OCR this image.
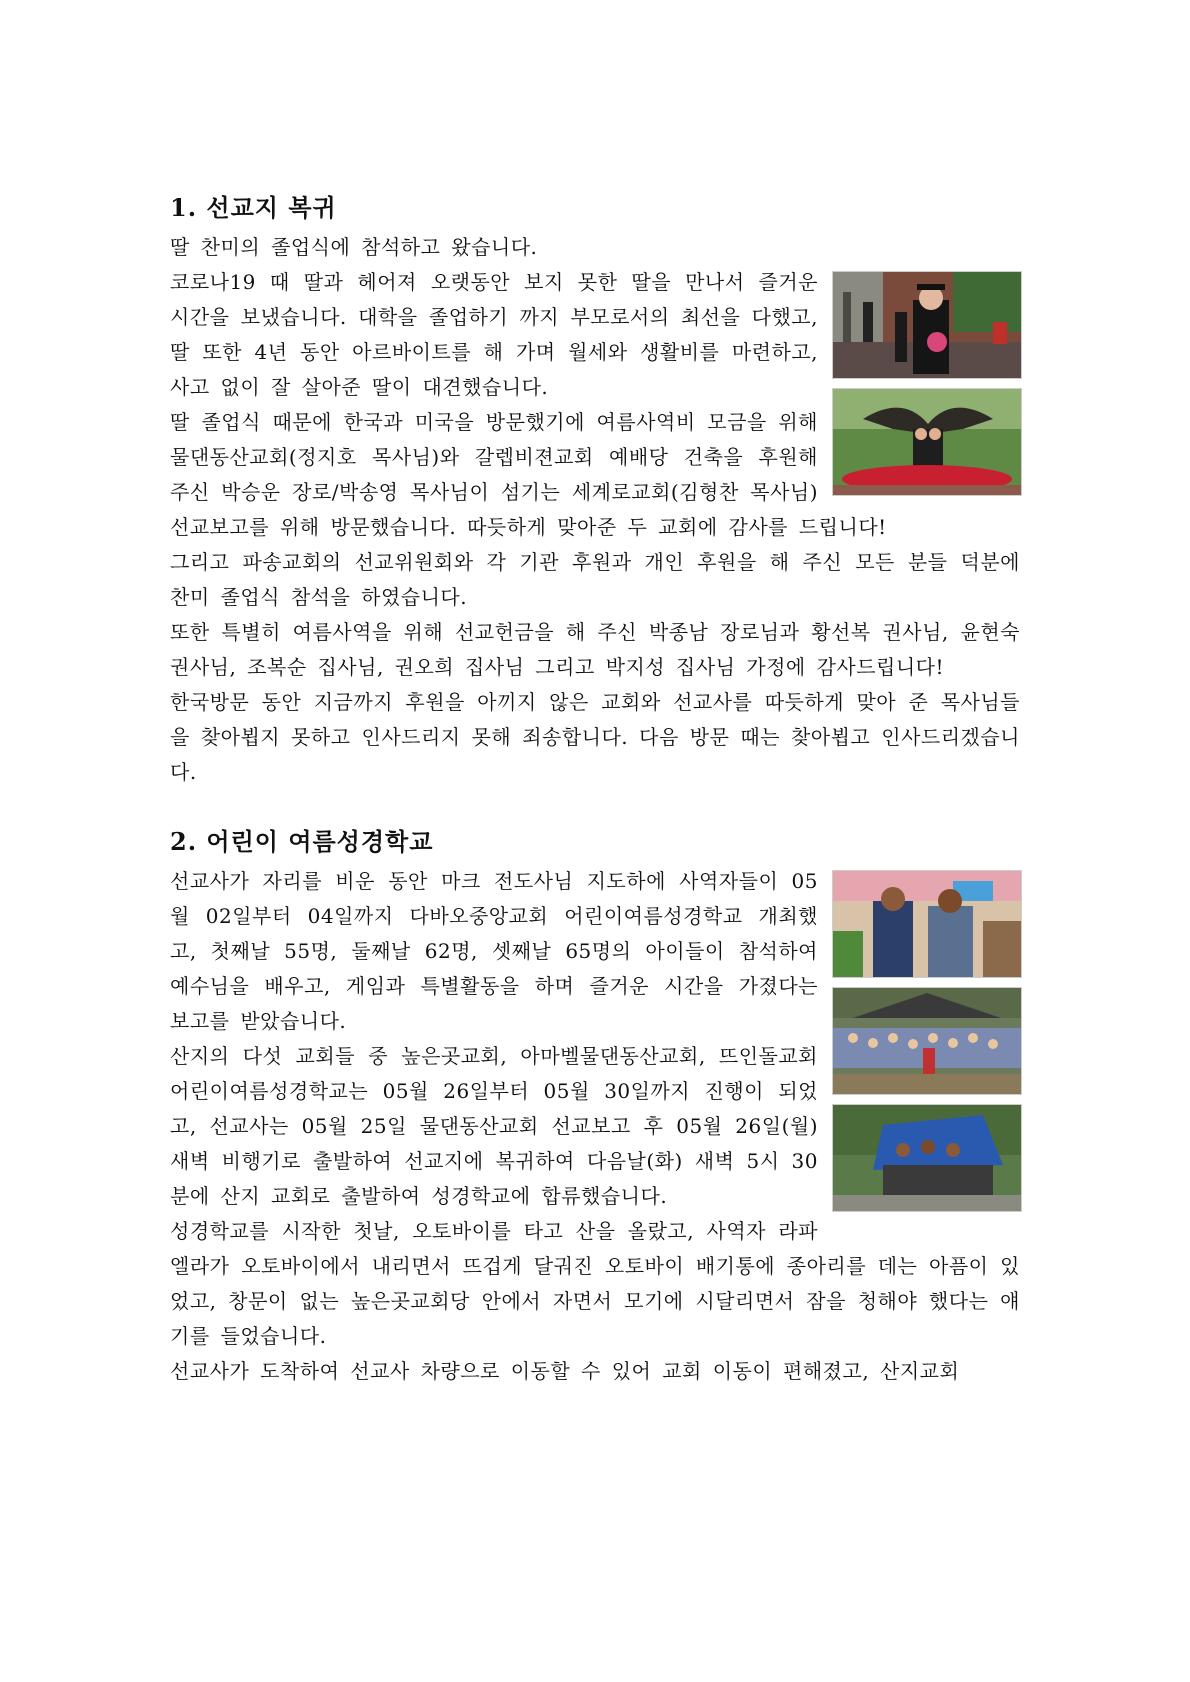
1. 선교지 복귀

딸 찬미의 졸업식에 참석하고 왔습니다.

코로나19 때 딸과 헤어져 오랫동안 보지 못한 딸을 만나서 즐거운 시간을 보냈습니다. 대학을 졸업하기 까지 부모로서의 최선을 다했고, 딸 또한 4년 동안 아르바이트를 해 가며 월세와 생활비를 마련하고, 사고 없이 잘 살아준 딸이 대견했습니다.

딸 졸업식 때문에 한국과 미국을 방문했기에 여름사역비 모금을 위해 물댄동산교회(정지호 목사님)와 갈렙비젼교회 예배당 건축을 후원해 주신 박승운 장로/박송영 목사님이 섬기는 세계로교회(김형찬 목사님) 선교보고를 위해 방문했습니다. 따듯하게 맞아준 두 교회에 감사를 드립니다!

그리고 파송교회의 선교위원회와 각 기관 후원과 개인 후원을 해 주신 모든 분들 덕분에 찬미 졸업식 참석을 하였습니다.

또한 특별히 여름사역을 위해 선교헌금을 해 주신 박종남 장로님과 황선복 권사님, 윤현숙 권사님, 조복순 집사님, 권오희 집사님 그리고 박지성 집사님 가정에 감사드립니다!

한국방문 동안 지금까지 후원을 아끼지 않은 교회와 선교사를 따듯하게 맞아 준 목사님들을 찾아뵙지 못하고 인사드리지 못해 죄송합니다. 다음 방문 때는 찾아뵙고 인사드리겠습니다.

2. 어린이 여름성경학교

선교사가 자리를 비운 동안 마크 전도사님 지도하에 사역자들이 05월 02일부터 04일까지 다바오중앙교회 어린이여름성경학교 개최했고, 첫째날 55명, 둘째날 62명, 셋째날 65명의 아이들이 참석하여 예수님을 배우고, 게임과 특별활동을 하며 즐거운 시간을 가졌다는 보고를 받았습니다.

산지의 다섯 교회들 중 높은곳교회, 아마벨물댄동산교회, 뜨인돌교회 어린이여름성경학교는 05월 26일부터 05월 30일까지 진행이 되었고, 선교사는 05월 25일 물댄동산교회 선교보고 후 05월 26일(월) 새벽 비행기로 출발하여 선교지에 복귀하여 다음날(화) 새벽 5시 30분에 산지 교회로 출발하여 성경학교에 합류했습니다.

성경학교를 시작한 첫날, 오토바이를 타고 산을 올랐고, 사역자 라파엘라가 오토바이에서 내리면서 뜨겁게 달궈진 오토바이 배기통에 종아리를 데는 아픔이 있었고, 창문이 없는 높은곳교회당 안에서 자면서 모기에 시달리면서 잠을 청해야 했다는 얘기를 들었습니다.

선교사가 도착하여 선교사 차량으로 이동할 수 있어 교회 이동이 편해졌고, 산지교회
